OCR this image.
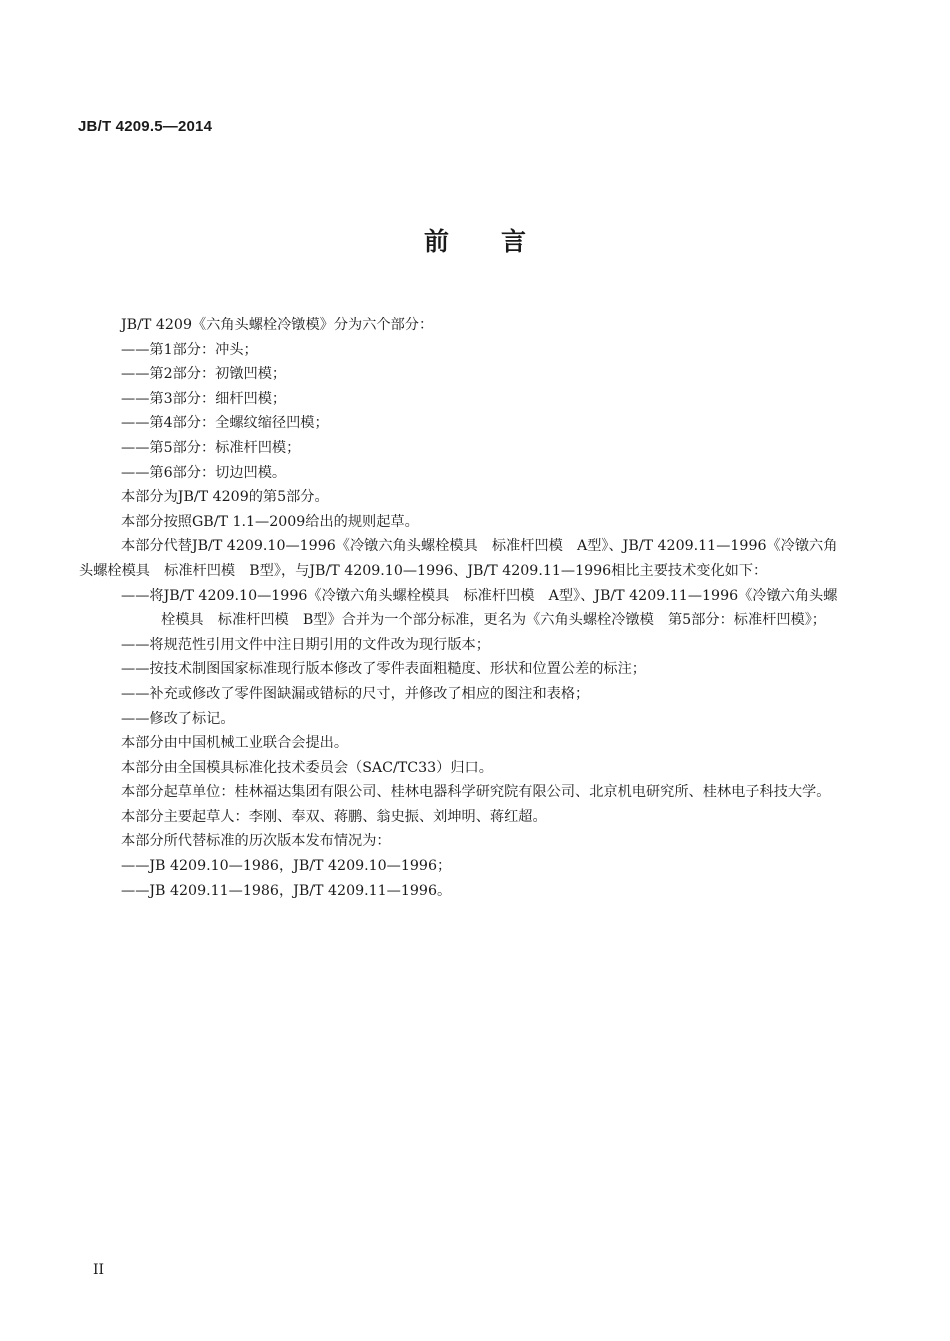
JB/T 4209.5—2014
前言

JB/T 4209《六角头螺栓冷镦模》分为六个部分：

——第1部分：冲头；

——第2部分：初镦凹模；

——第3部分：细杆凹模；

——第4部分：全螺纹缩径凹模；

——第5部分：标准杆凹模；

——第6部分：切边凹模。

本部分为JB/T 4209的第5部分。

本部分按照GB/T 1.1—2009给出的规则起草。

本部分代替JB/T 4209.10—1996《冷镦六角头螺栓模具　标准杆凹模　A型》、JB/T 4209.11—1996《冷镦六角头螺栓模具　标准杆凹模　B型》，与JB/T 4209.10—1996、JB/T 4209.11—1996相比主要技术变化如下：

——将JB/T 4209.10—1996《冷镦六角头螺栓模具　标准杆凹模　A型》、JB/T 4209.11—1996《冷镦六角头螺栓模具　标准杆凹模　B型》合并为一个部分标准，更名为《六角头螺栓冷镦模　第5部分：标准杆凹模》；

——将规范性引用文件中注日期引用的文件改为现行版本；

——按技术制图国家标准现行版本修改了零件表面粗糙度、形状和位置公差的标注；

——补充或修改了零件图缺漏或错标的尺寸，并修改了相应的图注和表格；

——修改了标记。

本部分由中国机械工业联合会提出。

本部分由全国模具标准化技术委员会（SAC/TC33）归口。

本部分起草单位：桂林福达集团有限公司、桂林电器科学研究院有限公司、北京机电研究所、桂林电子科技大学。

本部分主要起草人：李刚、奉双、蒋鹏、翁史振、刘坤明、蒋红超。

本部分所代替标准的历次版本发布情况为：

——JB 4209.10—1986，JB/T 4209.10—1996；

——JB 4209.11—1986，JB/T 4209.11—1996。

II
